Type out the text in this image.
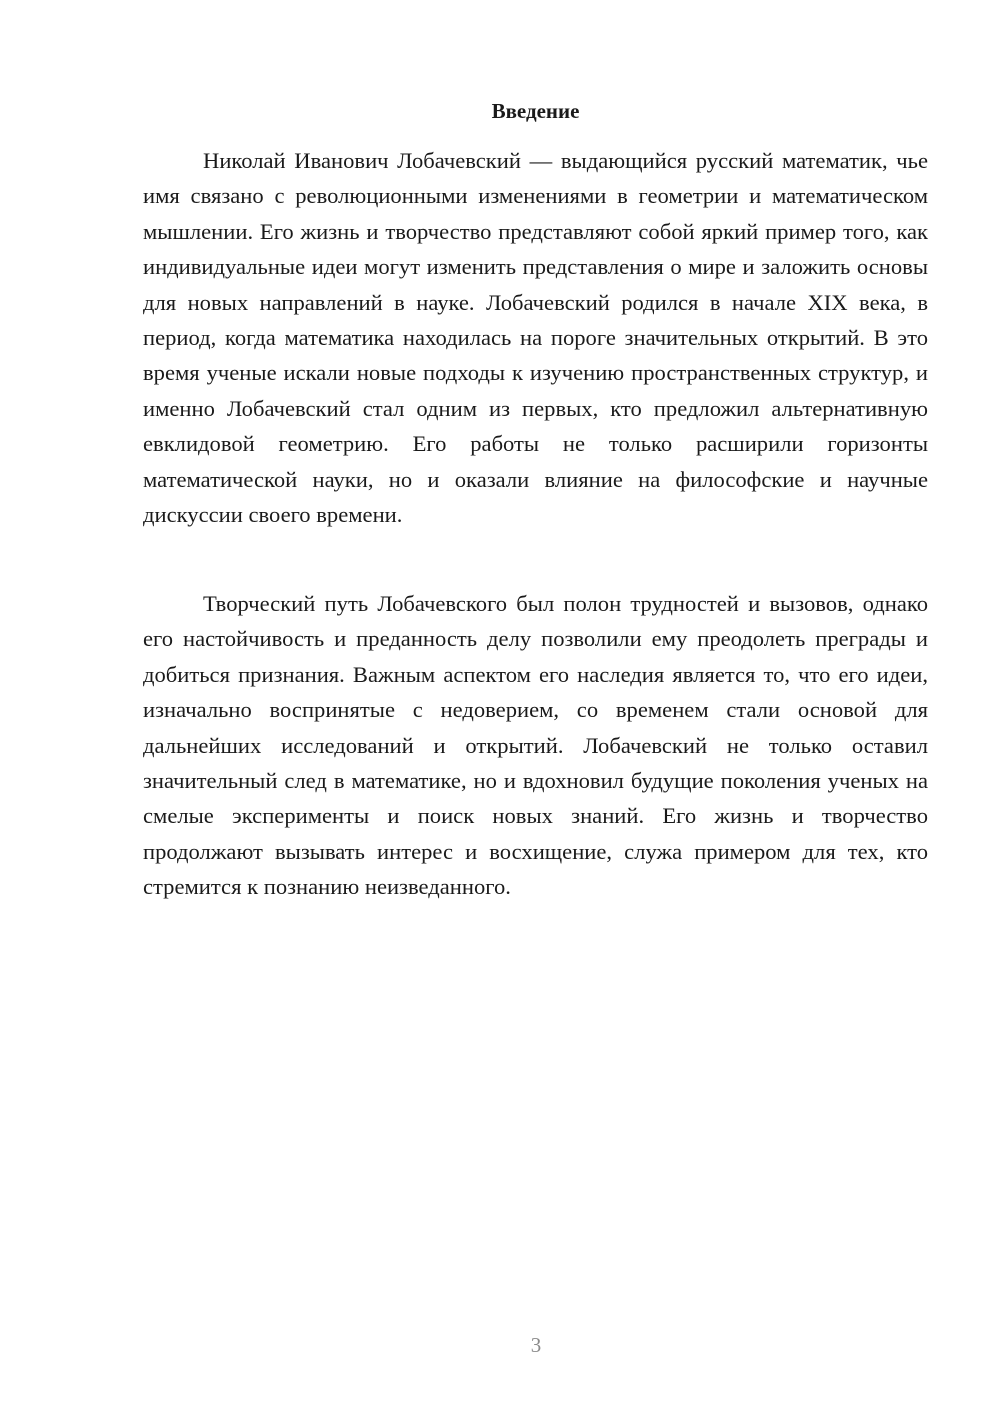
Введение

Николай Иванович Лобачевский — выдающийся русский математик, чье имя связано с революционными изменениями в геометрии и математическом мышлении. Его жизнь и творчество представляют собой яркий пример того, как индивидуальные идеи могут изменить представления о мире и заложить основы для новых направлений в науке. Лобачевский родился в начале XIX века, в период, когда математика находилась на пороге значительных открытий. В это время ученые искали новые подходы к изучению пространственных структур, и именно Лобачевский стал одним из первых, кто предложил альтернативную евклидовой геометрию. Его работы не только расширили горизонты математической науки, но и оказали влияние на философские и научные дискуссии своего времени.

Творческий путь Лобачевского был полон трудностей и вызовов, однако его настойчивость и преданность делу позволили ему преодолеть преграды и добиться признания. Важным аспектом его наследия является то, что его идеи, изначально воспринятые с недоверием, со временем стали основой для дальнейших исследований и открытий. Лобачевский не только оставил значительный след в математике, но и вдохновил будущие поколения ученых на смелые эксперименты и поиск новых знаний. Его жизнь и творчество продолжают вызывать интерес и восхищение, служа примером для тех, кто стремится к познанию неизведанного.

3
